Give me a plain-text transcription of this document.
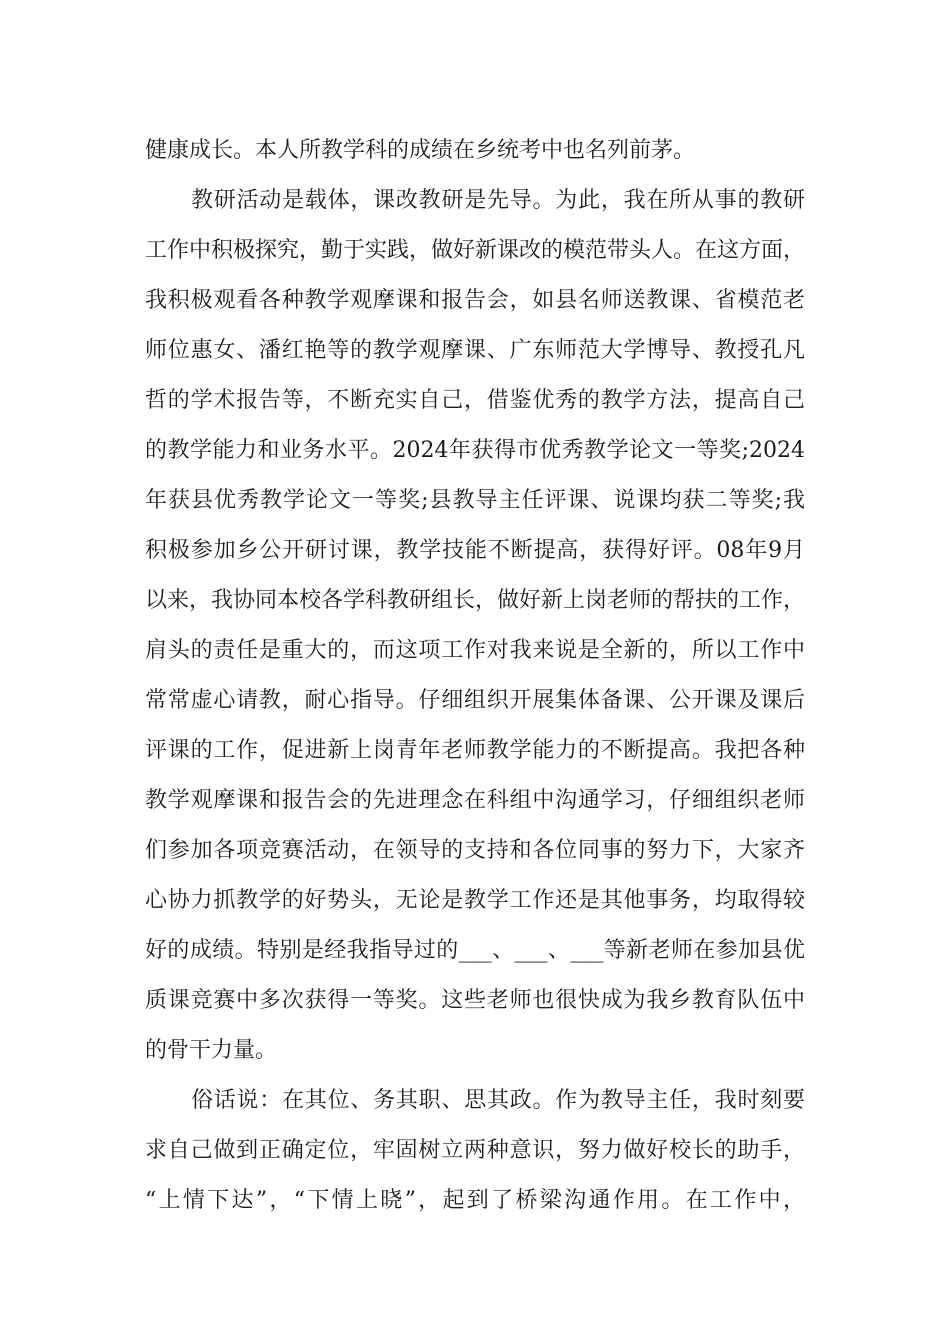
健康成长。本人所教学科的成绩在乡统考中也名列前茅。
教研活动是载体，课改教研是先导。为此，我在所从事的教研
工作中积极探究，勤于实践，做好新课改的模范带头人。在这方面，
我积极观看各种教学观摩课和报告会，如县名师送教课、省模范老
师位惠女、潘红艳等的教学观摩课、广东师范大学博导、教授孔凡
哲的学术报告等，不断充实自己，借鉴优秀的教学方法，提高自己
的教学能力和业务水平。2024年获得市优秀教学论文一等奖;2024
年获县优秀教学论文一等奖;县教导主任评课、说课均获二等奖;我
积极参加乡公开研讨课，教学技能不断提高，获得好评。08年9月
以来，我协同本校各学科教研组长，做好新上岗老师的帮扶的工作，
肩头的责任是重大的，而这项工作对我来说是全新的，所以工作中
常常虚心请教，耐心指导。仔细组织开展集体备课、公开课及课后
评课的工作，促进新上岗青年老师教学能力的不断提高。我把各种
教学观摩课和报告会的先进理念在科组中沟通学习，仔细组织老师
们参加各项竞赛活动，在领导的支持和各位同事的努力下，大家齐
心协力抓教学的好势头，无论是教学工作还是其他事务，均取得较
好的成绩。特别是经我指导过的___、___、___等新老师在参加县优
质课竞赛中多次获得一等奖。这些老师也很快成为我乡教育队伍中
的骨干力量。
俗话说：在其位、务其职、思其政。作为教导主任，我时刻要
求自己做到正确定位，牢固树立两种意识，努力做好校长的助手，
“上情下达”，“下情上晓”，起到了桥梁沟通作用。在工作中，
